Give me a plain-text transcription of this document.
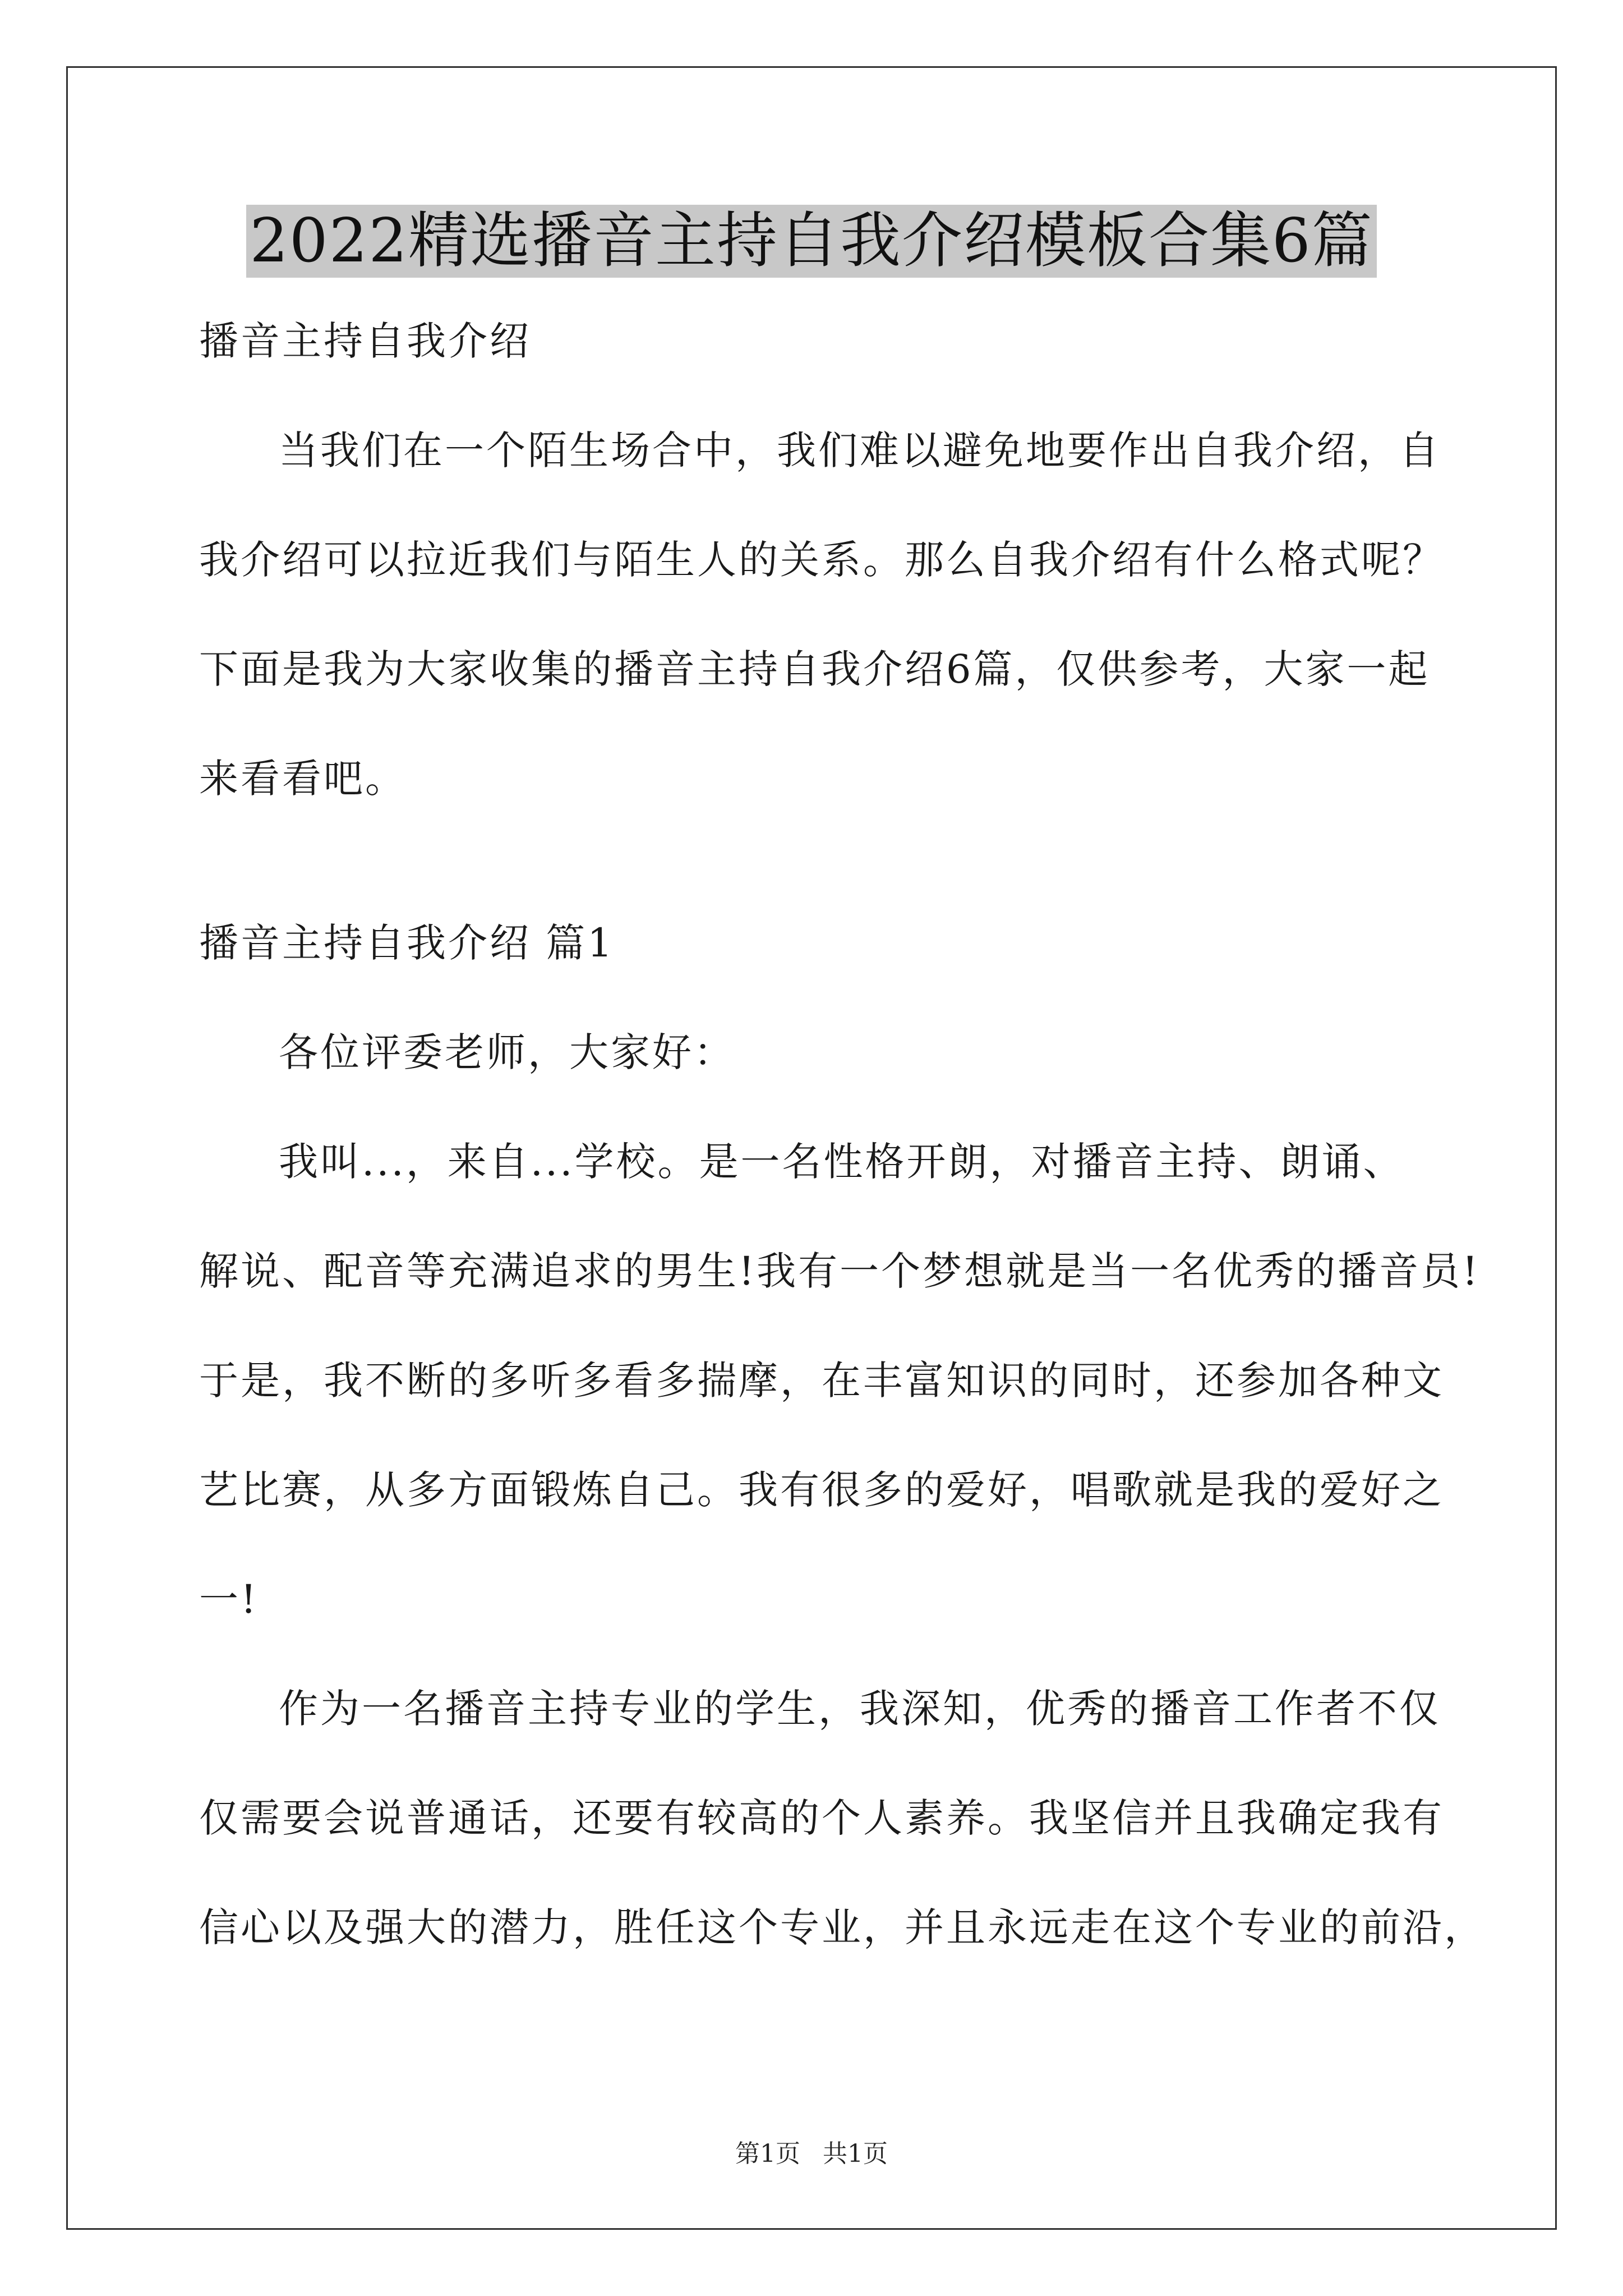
2022精选播音主持自我介绍模板合集6篇
播音主持自我介绍
当我们在一个陌生场合中，我们难以避免地要作出自我介绍，自
我介绍可以拉近我们与陌生人的关系。那么自我介绍有什么格式呢？
下面是我为大家收集的播音主持自我介绍6篇，仅供参考，大家一起
来看看吧。
播音主持自我介绍 篇1
各位评委老师，大家好：
我叫...，来自...学校。是一名性格开朗，对播音主持、朗诵、
解说、配音等充满追求的男生!我有一个梦想就是当一名优秀的播音员!
于是，我不断的多听多看多揣摩，在丰富知识的同时，还参加各种文
艺比赛，从多方面锻炼自己。我有很多的爱好，唱歌就是我的爱好之
一!
作为一名播音主持专业的学生，我深知，优秀的播音工作者不仅
仅需要会说普通话，还要有较高的个人素养。我坚信并且我确定我有
信心以及强大的潜力，胜任这个专业，并且永远走在这个专业的前沿，
第1页 共1页
